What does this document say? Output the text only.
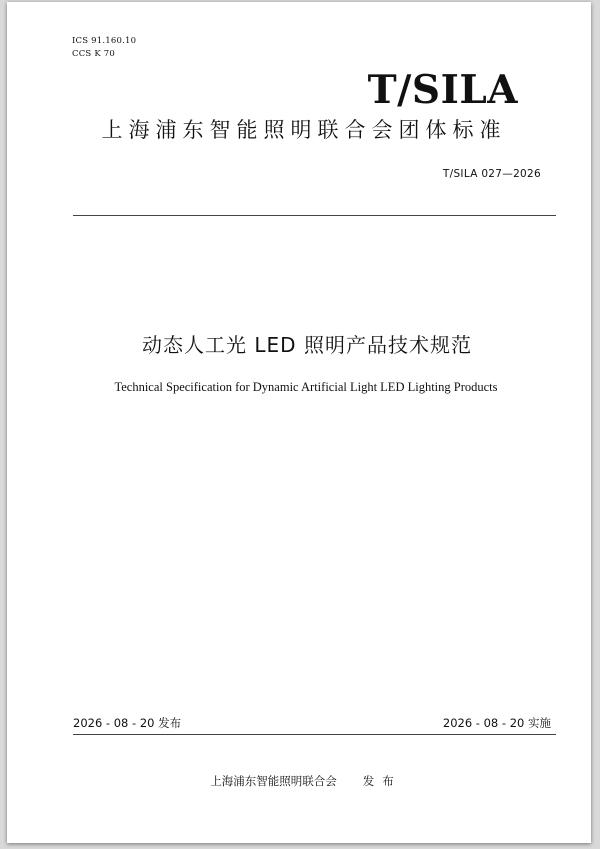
ICS 91.160.10
CCS K 70
T/SILA
上海浦东智能照明联合会团体标准
T/SILA 027—2026
动态人工光 LED 照明产品技术规范
Technical Specification for Dynamic Artificial Light LED Lighting Products
2026 - 08 - 20 发布	2026 - 08 - 20 实施
上海浦东智能照明联合会 发布
